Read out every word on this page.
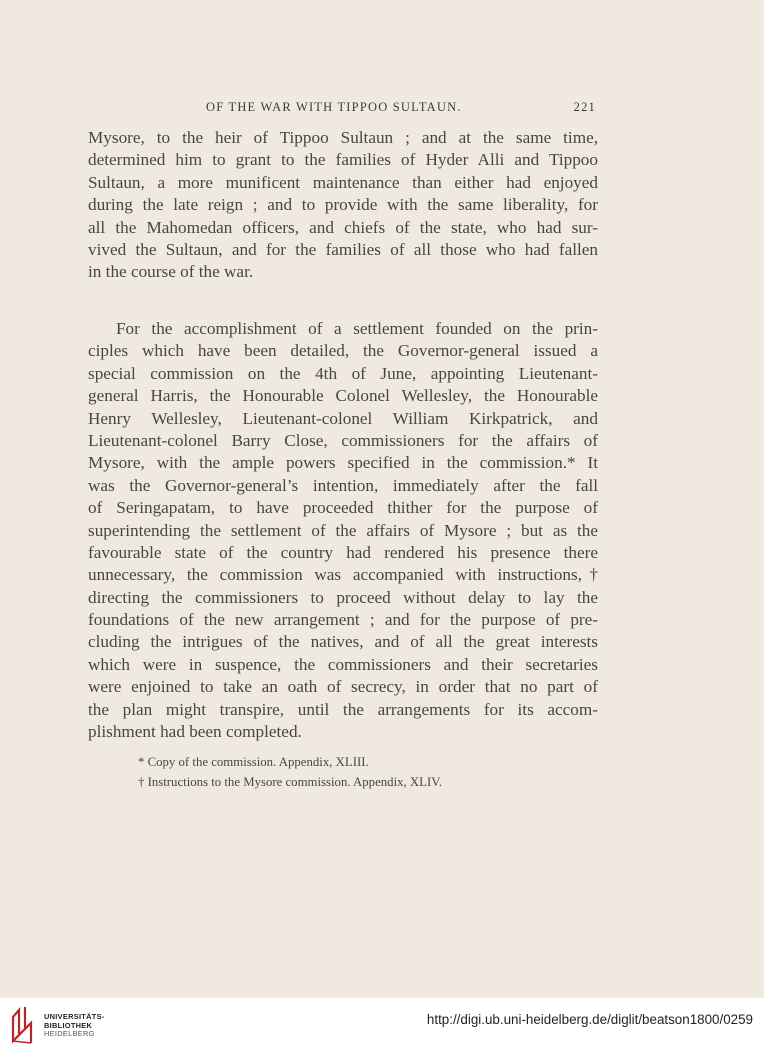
OF THE WAR WITH TIPPOO SULTAUN.	221
Mysore, to the heir of Tippoo Sultaun ; and at the same time,
determined him to grant to the families of Hyder Alli and Tippoo
Sultaun, a more munificent maintenance than either had enjoyed
during the late reign ; and to provide with the same liberality, for
all the Mahomedan officers, and chiefs of the state, who had sur-
vived the Sultaun, and for the families of all those who had fallen
in the course of the war.
For the accomplishment of a settlement founded on the prin-
ciples which have been detailed, the Governor-general issued a
special commission on the 4th of June, appointing Lieutenant-
general Harris, the Honourable Colonel Wellesley, the Honourable
Henry Wellesley, Lieutenant-colonel William Kirkpatrick, and
Lieutenant-colonel Barry Close, commissioners for the affairs of
Mysore, with the ample powers specified in the commission.* It
was the Governor-general’s intention, immediately after the fall
of Seringapatam, to have proceeded thither for the purpose of
superintending the settlement of the affairs of Mysore ; but as the
favourable state of the country had rendered his presence there
unnecessary, the commission was accompanied with instructions,†
directing the commissioners to proceed without delay to lay the
foundations of the new arrangement ; and for the purpose of pre-
cluding the intrigues of the natives, and of all the great interests
which were in suspence, the commissioners and their secretaries
were enjoined to take an oath of secrecy, in order that no part of
the plan might transpire, until the arrangements for its accom-
plishment had been completed.
* Copy of the commission. Appendix, XLIII.
† Instructions to the Mysore commission. Appendix, XLIV.
UNIVERSITÄTS-
BIBLIOTHEK
HEIDELBERG
http://digi.ub.uni-heidelberg.de/diglit/beatson1800/0259
